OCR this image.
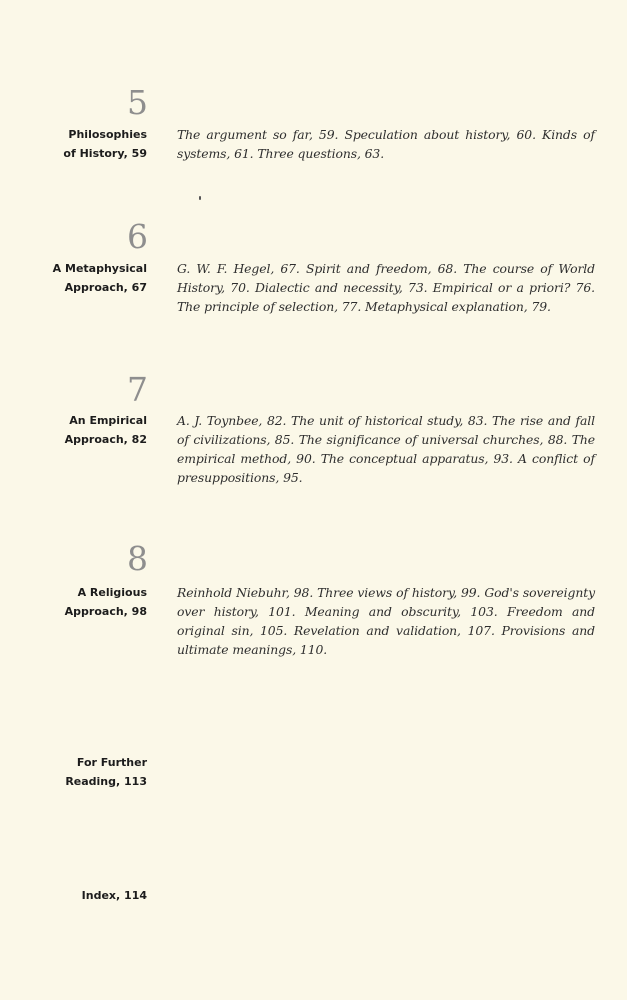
5
Philosophies
of History, 59
The argument so far, 59. Speculation about history, 60. Kinds of systems, 61. Three questions, 63.
6
A Metaphysical
Approach, 67
G. W. F. Hegel, 67. Spirit and freedom, 68. The course of World History, 70. Dialectic and necessity, 73. Empirical or a priori? 76. The principle of selection, 77. Metaphysical explanation, 79.
7
An Empirical
Approach, 82
A. J. Toynbee, 82. The unit of historical study, 83. The rise and fall of civilizations, 85. The significance of universal churches, 88. The empirical method, 90. The conceptual apparatus, 93. A conflict of presuppositions, 95.
8
A Religious
Approach, 98
Reinhold Niebuhr, 98. Three views of history, 99. God's sovereignty over history, 101. Meaning and obscurity, 103. Freedom and original sin, 105. Revelation and validation, 107. Provisions and ultimate meanings, 110.
For Further
Reading, 113
Index, 114
